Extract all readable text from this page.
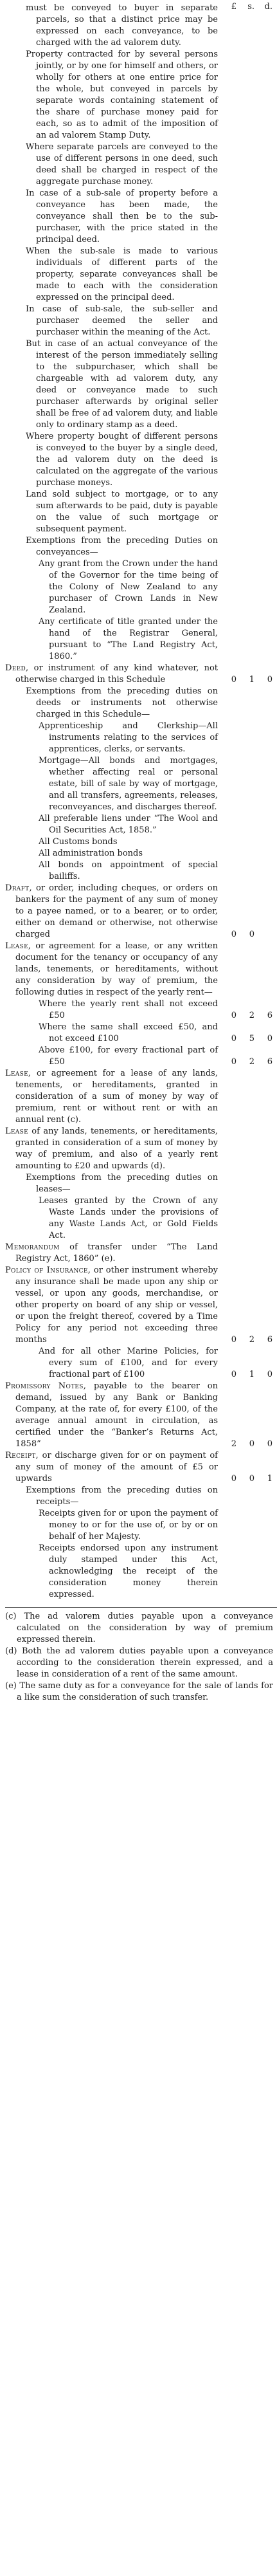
£	s.	d.
must be conveyed to buyer in separate parcels, so that a distinct price may be expressed on each conveyance, to be charged with the ad valorem duty.
Property contracted for by several persons jointly, or by one for himself and others, or wholly for others at one entire price for the whole, but conveyed in parcels by separate words containing statement of the share of purchase money paid for each, so as to admit of the imposition of an ad valorem Stamp Duty.
Where separate parcels are conveyed to the use of different persons in one deed, such deed shall be charged in respect of the aggregate purchase money.
In case of a sub-sale of property before a conveyance has been made, the conveyance shall then be to the sub-purchaser, with the price stated in the principal deed.
When the sub-sale is made to various individuals of different parts of the property, separate conveyances shall be made to each with the consideration expressed on the principal deed.
In case of sub-sale, the sub-seller and purchaser deemed the seller and purchaser within the meaning of the Act.
But in case of an actual conveyance of the interest of the person immediately selling to the subpurchaser, which shall be chargeable with ad valorem duty, any deed or conveyance made to such purchaser afterwards by original seller shall be free of ad valorem duty, and liable only to ordinary stamp as a deed.
Where property bought of different persons is conveyed to the buyer by a single deed, the ad valorem duty on the deed is calculated on the aggregate of the various purchase moneys.
Land sold subject to mortgage, or to any sum afterwards to be paid, duty is payable on the value of such mortgage or subsequent payment.
Exemptions from the preceding Duties on conveyances—
Any grant from the Crown under the hand of the Governor for the time being of the Colony of New Zealand to any purchaser of Crown Lands in New Zealand.
Any certificate of title granted under the hand of the Registrar General, pursuant to “The Land Registry Act, 1860.”
Deed, or instrument of any kind whatever, not otherwise charged in this Schedule	0	1	0
Exemptions from the preceding duties on deeds or instruments not otherwise charged in this Schedule—
Apprenticeship and Clerkship—All instruments relating to the services of apprentices, clerks, or servants.
Mortgage—All bonds and mortgages, whether affecting real or personal estate, bill of sale by way of mortgage, and all transfers, agreements, releases, reconveyances, and discharges thereof.
All preferable liens under “The Wool and Oil Securities Act, 1858.”
All Customs bonds
All administration bonds
All bonds on appointment of special bailiffs.
Draft, or order, including cheques, or orders on bankers for the payment of any sum of money to a payee named, or to a bearer, or to order, either on demand or otherwise, not otherwise charged	0	0
Lease, or agreement for a lease, or any written document for the tenancy or occupancy of any lands, tenements, or hereditaments, without any consideration by way of premium, the following duties in respect of the yearly rent—
Where the yearly rent shall not exceed £50	0	2	6
Where the same shall exceed £50, and not exceed £100	0	5	0
Above £100, for every fractional part of £50	0	2	6
Lease, or agreement for a lease of any lands, tenements, or hereditaments, granted in consideration of a sum of money by way of premium, rent or without rent or with an annual rent (c).
Lease of any lands, tenements, or hereditaments, granted in consideration of a sum of money by way of premium, and also of a yearly rent amounting to £20 and upwards (d).
Exemptions from the preceding duties on leases—
Leases granted by the Crown of any Waste Lands under the provisions of any Waste Lands Act, or Gold Fields Act.
Memorandum of transfer under “The Land Registry Act, 1860” (e).
Policy of Insurance, or other instrument whereby any insurance shall be made upon any ship or vessel, or upon any goods, merchandise, or other property on board of any ship or vessel, or upon the freight thereof, covered by a Time Policy for any period not exceeding three months	0	2	6
And for all other Marine Policies, for every sum of £100, and for every fractional part of £100	0	1	0
Promissory Notes, payable to the bearer on demand, issued by any Bank or Banking Company, at the rate of, for every £100, of the average annual amount in circulation, as certified under the “Banker’s Returns Act, 1858”	2	0	0
Receipt, or discharge given for or on payment of any sum of money of the amount of £5 or upwards	0	0	1
Exemptions from the preceding duties on receipts—
Receipts given for or upon the payment of money to or for the use of, or by or on behalf of her Majesty.
Receipts endorsed upon any instrument duly stamped under this Act, acknowledging the receipt of the consideration money therein expressed.
(c) The ad valorem duties payable upon a conveyance calculated on the consideration by way of premium expressed therein.
(d) Both the ad valorem duties payable upon a conveyance according to the consideration therein expressed, and a lease in consideration of a rent of the same amount.
(e) The same duty as for a conveyance for the sale of lands for a like sum the consideration of such transfer.
